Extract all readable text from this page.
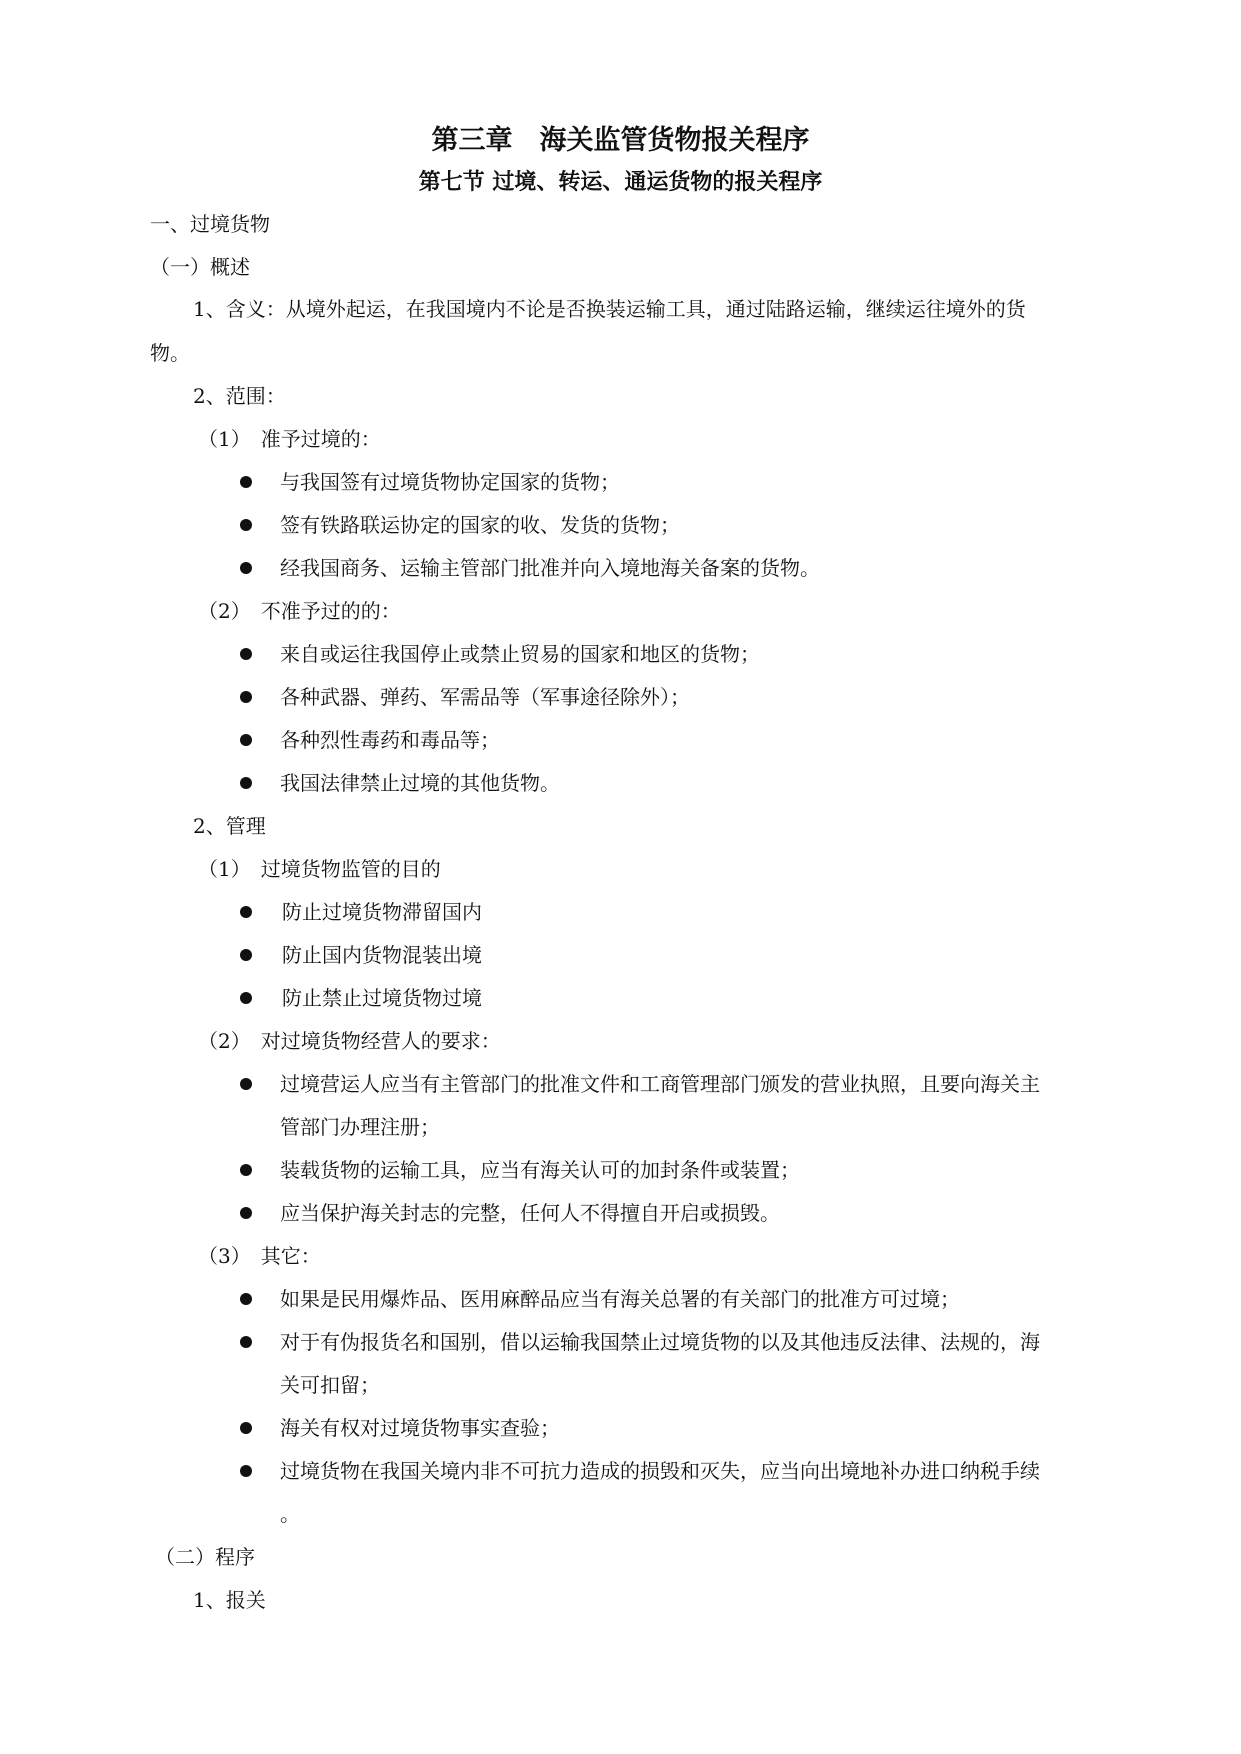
第三章　海关监管货物报关程序
第七节 过境、转运、通运货物的报关程序
一、过境货物
（一）概述
1、含义：从境外起运，在我国境内不论是否换装运输工具，通过陆路运输，继续运往境外的货
物。
2、范围：
（1）　准予过境的：
与我国签有过境货物协定国家的货物；
签有铁路联运协定的国家的收、发货的货物；
经我国商务、运输主管部门批准并向入境地海关备案的货物。
（2）　不准予过的的：
来自或运往我国停止或禁止贸易的国家和地区的货物；
各种武器、弹药、军需品等（军事途径除外）；
各种烈性毒药和毒品等；
我国法律禁止过境的其他货物。
2、管理
（1）　过境货物监管的目的
防止过境货物滞留国内
防止国内货物混装出境
防止禁止过境货物过境
（2）　对过境货物经营人的要求：
过境营运人应当有主管部门的批准文件和工商管理部门颁发的营业执照，且要向海关主
管部门办理注册；
装载货物的运输工具，应当有海关认可的加封条件或装置；
应当保护海关封志的完整，任何人不得擅自开启或损毁。
（3）　其它：
如果是民用爆炸品、医用麻醉品应当有海关总署的有关部门的批准方可过境；
对于有伪报货名和国别，借以运输我国禁止过境货物的以及其他违反法律、法规的，海
关可扣留；
海关有权对过境货物事实查验；
过境货物在我国关境内非不可抗力造成的损毁和灭失，应当向出境地补办进口纳税手续
。
（二）程序
1、报关
